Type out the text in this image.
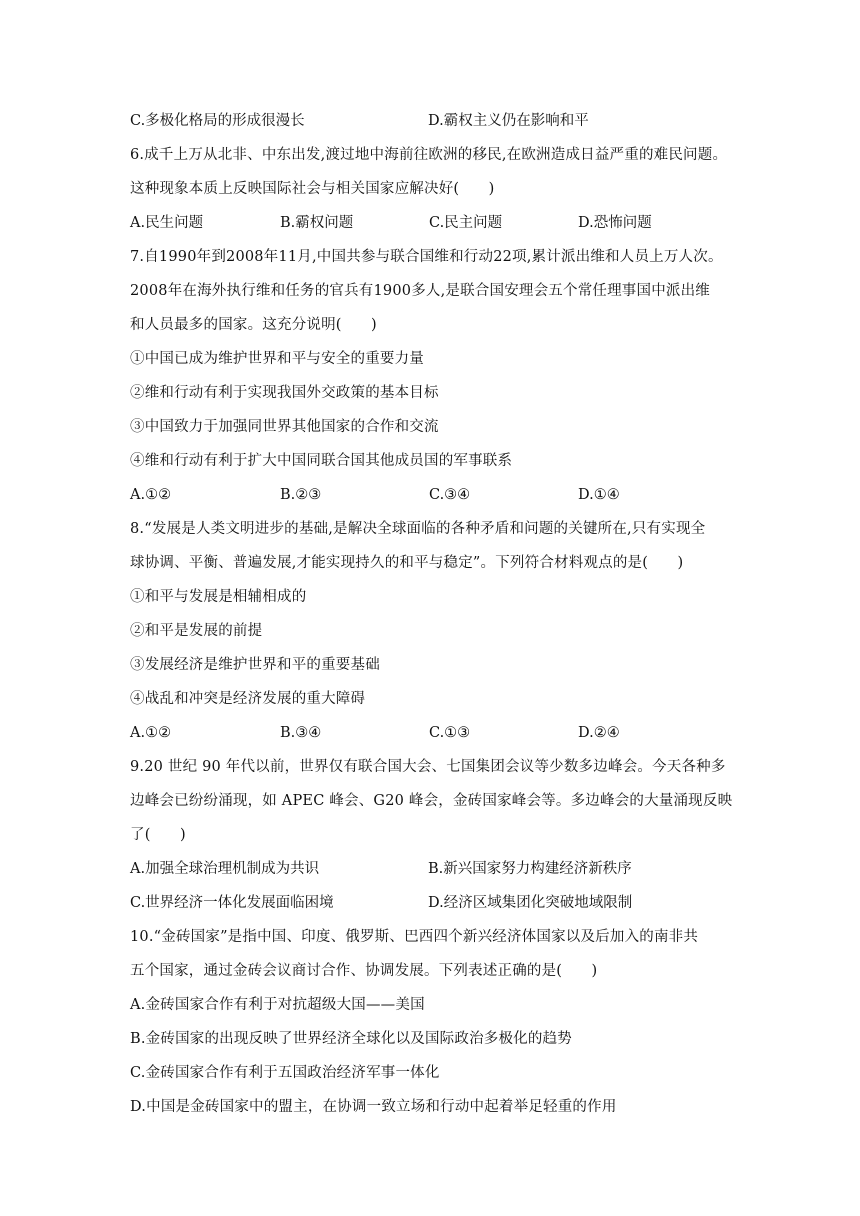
C.多极化格局的形成很漫长	D.霸权主义仍在影响和平
6.成千上万从北非、中东出发,渡过地中海前往欧洲的移民,在欧洲造成日益严重的难民问题。
这种现象本质上反映国际社会与相关国家应解决好(　　)
A.民生问题	B.霸权问题	C.民主问题	D.恐怖问题
7.自1990年到2008年11月,中国共参与联合国维和行动22项,累计派出维和人员上万人次。
2008年在海外执行维和任务的官兵有1900多人,是联合国安理会五个常任理事国中派出维
和人员最多的国家。这充分说明(　　)
①中国已成为维护世界和平与安全的重要力量
②维和行动有利于实现我国外交政策的基本目标
③中国致力于加强同世界其他国家的合作和交流
④维和行动有利于扩大中国同联合国其他成员国的军事联系
A.①②	B.②③	C.③④	D.①④
8.“发展是人类文明进步的基础,是解决全球面临的各种矛盾和问题的关键所在,只有实现全
球协调、平衡、普遍发展,才能实现持久的和平与稳定”。下列符合材料观点的是(　　)
①和平与发展是相辅相成的
②和平是发展的前提
③发展经济是维护世界和平的重要基础
④战乱和冲突是经济发展的重大障碍
A.①②	B.③④	C.①③	D.②④
9.20 世纪 90 年代以前，世界仅有联合国大会、七国集团会议等少数多边峰会。今天各种多
边峰会已纷纷涌现，如 APEC 峰会、G20 峰会，金砖国家峰会等。多边峰会的大量涌现反映
了(　　)
A.加强全球治理机制成为共识	B.新兴国家努力构建经济新秩序
C.世界经济一体化发展面临困境	D.经济区域集团化突破地域限制
10.“金砖国家”是指中国、印度、俄罗斯、巴西四个新兴经济体国家以及后加入的南非共
五个国家，通过金砖会议商讨合作、协调发展。下列表述正确的是(　　)
A.金砖国家合作有利于对抗超级大国——美国
B.金砖国家的出现反映了世界经济全球化以及国际政治多极化的趋势
C.金砖国家合作有利于五国政治经济军事一体化
D.中国是金砖国家中的盟主，在协调一致立场和行动中起着举足轻重的作用
